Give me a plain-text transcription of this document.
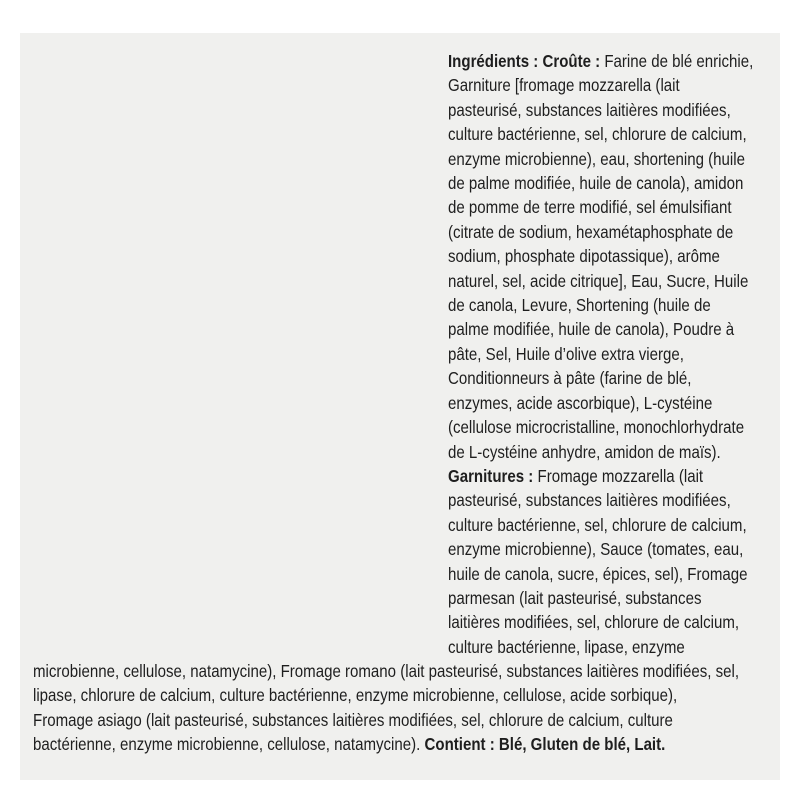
Ingrédients : Croûte : Farine de blé enrichie,
Garniture [fromage mozzarella (lait
pasteurisé, substances laitières modifiées,
culture bactérienne, sel, chlorure de calcium,
enzyme microbienne), eau, shortening (huile
de palme modifiée, huile de canola), amidon
de pomme de terre modifié, sel émulsifiant
(citrate de sodium, hexamétaphosphate de
sodium, phosphate dipotassique), arôme
naturel, sel, acide citrique], Eau, Sucre, Huile
de canola, Levure, Shortening (huile de
palme modifiée, huile de canola), Poudre à
pâte, Sel, Huile d’olive extra vierge,
Conditionneurs à pâte (farine de blé,
enzymes, acide ascorbique), L-cystéine
(cellulose microcristalline, monochlorhydrate
de L-cystéine anhydre, amidon de maïs).
Garnitures : Fromage mozzarella (lait
pasteurisé, substances laitières modifiées,
culture bactérienne, sel, chlorure de calcium,
enzyme microbienne), Sauce (tomates, eau,
huile de canola, sucre, épices, sel), Fromage
parmesan (lait pasteurisé, substances
laitières modifiées, sel, chlorure de calcium,
culture bactérienne, lipase, enzyme
microbienne, cellulose, natamycine), Fromage romano (lait pasteurisé, substances laitières modifiées, sel,
lipase, chlorure de calcium, culture bactérienne, enzyme microbienne, cellulose, acide sorbique),
Fromage asiago (lait pasteurisé, substances laitières modifiées, sel, chlorure de calcium, culture
bactérienne, enzyme microbienne, cellulose, natamycine). Contient : Blé, Gluten de blé, Lait.
